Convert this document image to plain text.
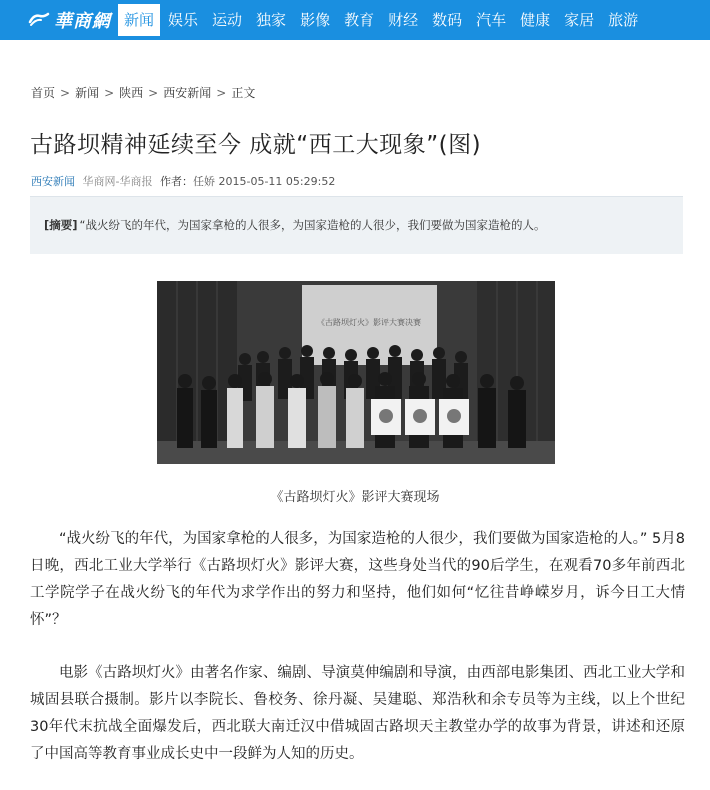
華商網 新闻 娱乐 运动 独家 影像 教育 财经 数码 汽车 健康 家居 旅游
首页 > 新闻 > 陕西 > 西安新闻 > 正文
古路坝精神延续至今 成就“西工大现象”(图)
西安新闻 华商网-华商报 作者：任娇 2015-05-11 05:29:52
[摘要] “战火纷飞的年代，为国家拿枪的人很多，为国家造枪的人很少，我们要做为国家造枪的人。
《古路坝灯火》影评大赛决赛
《古路坝灯火》影评大赛现场

“战火纷飞的年代，为国家拿枪的人很多，为国家造枪的人很少，我们要做为国家造枪的人。” 5月8日晚，西北工业大学举行《古路坝灯火》影评大赛，这些身处当代的90后学生，在观看70多年前西北工学院学子在战火纷飞的年代为求学作出的努力和坚持，他们如何“忆往昔峥嵘岁月，诉今日工大情怀”？

电影《古路坝灯火》由著名作家、编剧、导演莫伸编剧和导演，由西部电影集团、西北工业大学和城固县联合摄制。影片以李院长、鲁校务、徐丹凝、吴建聪、郑浩秋和余专员等为主线，以上个世纪30年代末抗战全面爆发后，西北联大南迁汉中借城固古路坝天主教堂办学的故事为背景，讲述和还原了中国高等教育事业成长史中一段鲜为人知的历史。
